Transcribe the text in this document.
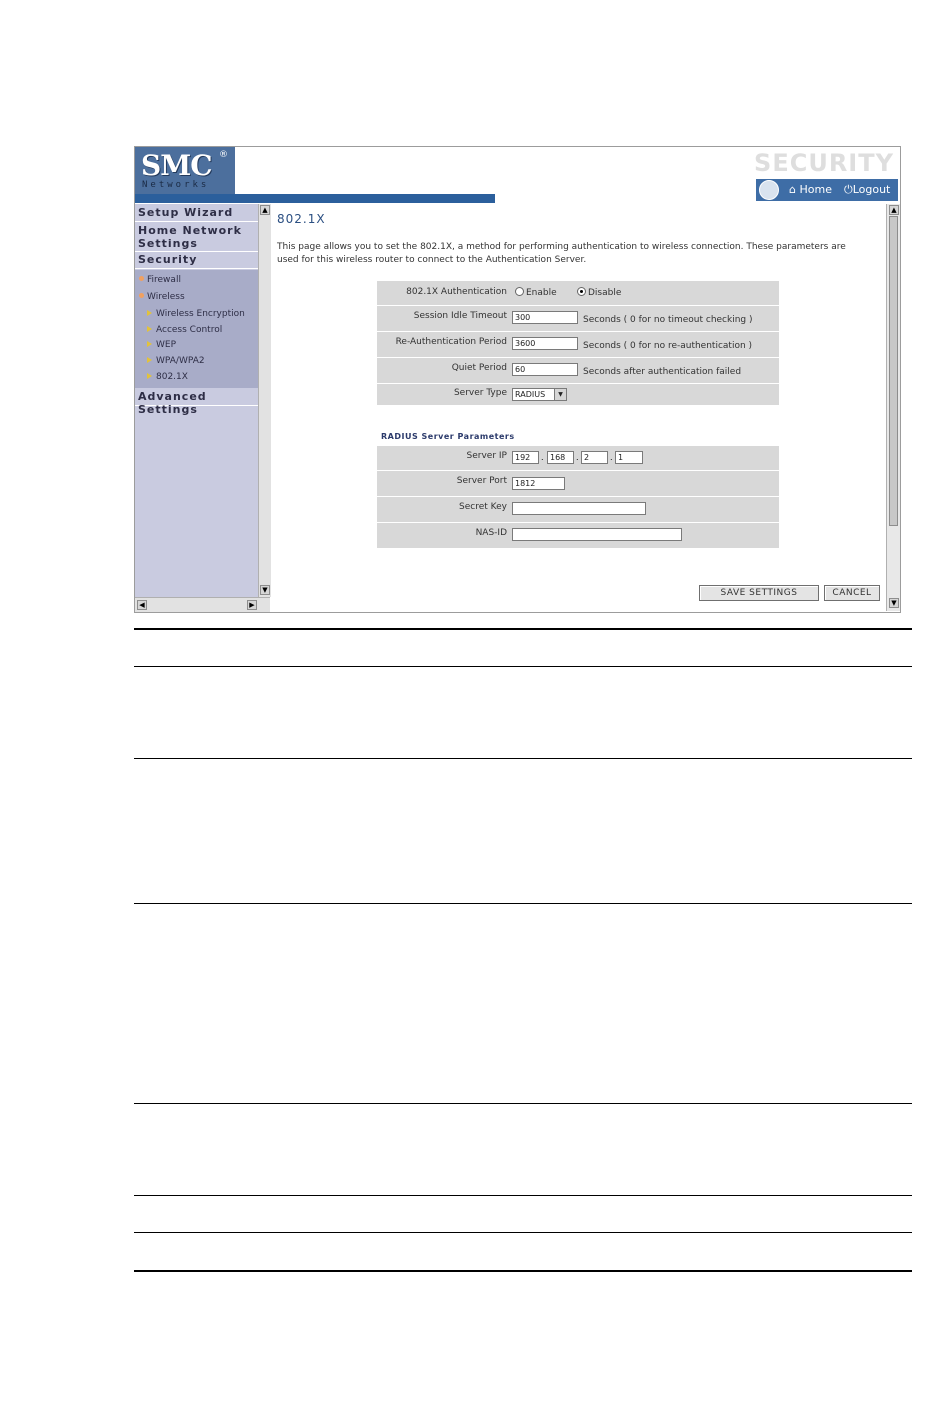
SMC ®
Networks
SECURITY
⌂ Home ⏻Logout
Setup Wizard
Home Network Settings
Security
Firewall
Wireless
Wireless Encryption
Access Control
WEP
WPA/WPA2
802.1X
Advanced Settings
▲
▼
◀	▶
802.1X
This page allows you to set the 802.1X, a method for performing authentication to wireless connection. These parameters are used for this wireless router to connect to the Authentication Server.
802.1X Authentication	Enable	Disable
Session Idle Timeout	300	Seconds ( 0 for no timeout checking )
Re-Authentication Period	3600	Seconds ( 0 for no re-authentication )
Quiet Period	60	Seconds after authentication failed
Server Type	RADIUS	▼
RADIUS Server Parameters
Server IP	192	. 168	. 2	. 1
Server Port	1812
Secret Key
NAS-ID
SAVE SETTINGS	CANCEL
▲
▼
